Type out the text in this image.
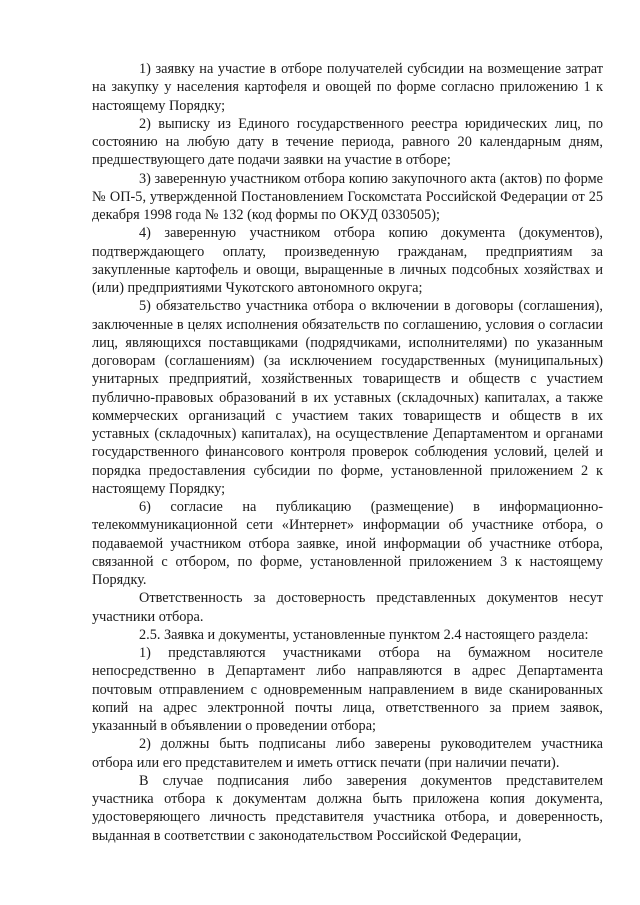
1) заявку на участие в отборе получателей субсидии на возмещение затрат на закупку у населения картофеля и овощей по форме согласно приложению 1 к настоящему Порядку;

2) выписку из Единого государственного реестра юридических лиц, по состоянию на любую дату в течение периода, равного 20 календарным дням, предшествующего дате подачи заявки на участие в отборе;

3) заверенную участником отбора копию закупочного акта (актов) по форме № ОП-5, утвержденной Постановлением Госкомстата Российской Федерации от 25 декабря 1998 года № 132 (код формы по ОКУД 0330505);

4) заверенную участником отбора копию документа (документов), подтверждающего оплату, произведенную гражданам, предприятиям за закупленные картофель и овощи, выращенные в личных подсобных хозяйствах и (или) предприятиями Чукотского автономного округа;

5) обязательство участника отбора о включении в договоры (соглашения), заключенные в целях исполнения обязательств по соглашению, условия о согласии лиц, являющихся поставщиками (подрядчиками, исполнителями) по указанным договорам (соглашениям) (за исключением государственных (муниципальных) унитарных предприятий, хозяйственных товариществ и обществ с участием публично-правовых образований в их уставных (складочных) капиталах, а также коммерческих организаций с участием таких товариществ и обществ в их уставных (складочных) капиталах), на осуществление Департаментом и органами государственного финансового контроля проверок соблюдения условий, целей и порядка предоставления субсидии по форме, установленной приложением 2 к настоящему Порядку;

6) согласие на публикацию (размещение) в информационно-телекоммуникационной сети «Интернет» информации об участнике отбора, о подаваемой участником отбора заявке, иной информации об участнике отбора, связанной с отбором, по форме, установленной приложением 3 к настоящему Порядку.

Ответственность за достоверность представленных документов несут участники отбора.

2.5. Заявка и документы, установленные пунктом 2.4 настоящего раздела:

1) представляются участниками отбора на бумажном носителе непосредственно в Департамент либо направляются в адрес Департамента почтовым отправлением с одновременным направлением в виде сканированных копий на адрес электронной почты лица, ответственного за прием заявок, указанный в объявлении о проведении отбора;

2) должны быть подписаны либо заверены руководителем участника отбора или его представителем и иметь оттиск печати (при наличии печати).

В случае подписания либо заверения документов представителем участника отбора к документам должна быть приложена копия документа, удостоверяющего личность представителя участника отбора, и доверенность, выданная в соответствии с законодательством Российской Федерации,
